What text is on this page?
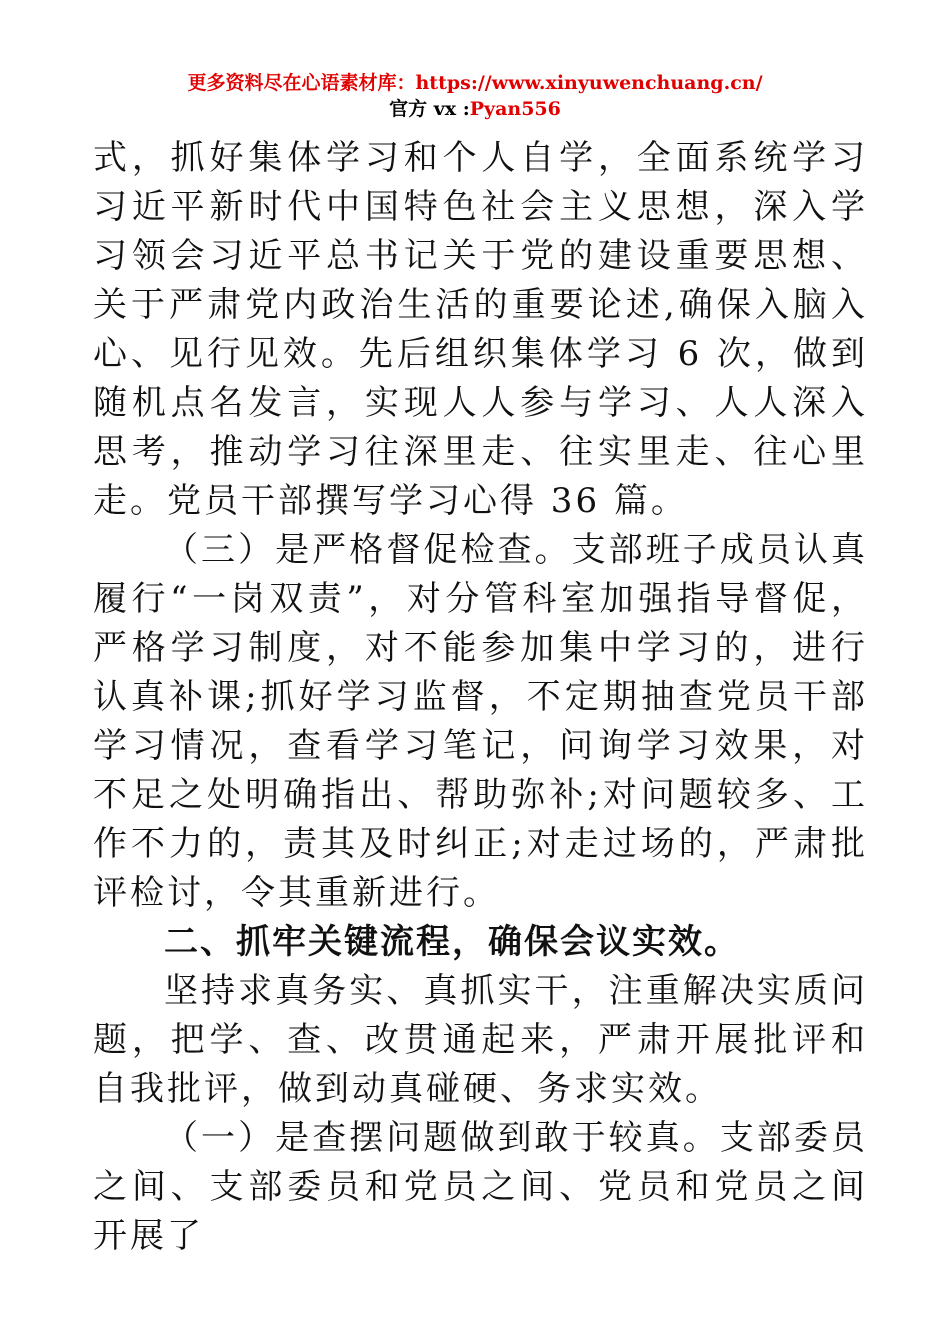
更多资料尽在心语素材库：https://www.xinyuwenchuang.cn/
官方 vx :Pyan556

式，抓好集体学习和个人自学，全面系统学习习近平新时代中国特色社会主义思想，深入学习领会习近平总书记关于党的建设重要思想、关于严肃党内政治生活的重要论述,确保入脑入心、见行见效。先后组织集体学习 6 次，做到随机点名发言，实现人人参与学习、人人深入思考，推动学习往深里走、往实里走、往心里走。党员干部撰写学习心得 36 篇。

（三）是严格督促检查。支部班子成员认真履行“一岗双责”，对分管科室加强指导督促，严格学习制度，对不能参加集中学习的，进行认真补课;抓好学习监督，不定期抽查党员干部学习情况，查看学习笔记，问询学习效果，对不足之处明确指出、帮助弥补;对问题较多、工作不力的，责其及时纠正;对走过场的，严肃批评检讨，令其重新进行。

二、抓牢关键流程，确保会议实效。

坚持求真务实、真抓实干，注重解决实质问题，把学、查、改贯通起来，严肃开展批评和自我批评，做到动真碰硬、务求实效。

（一）是查摆问题做到敢于较真。支部委员之间、支部委员和党员之间、党员和党员之间开展了
